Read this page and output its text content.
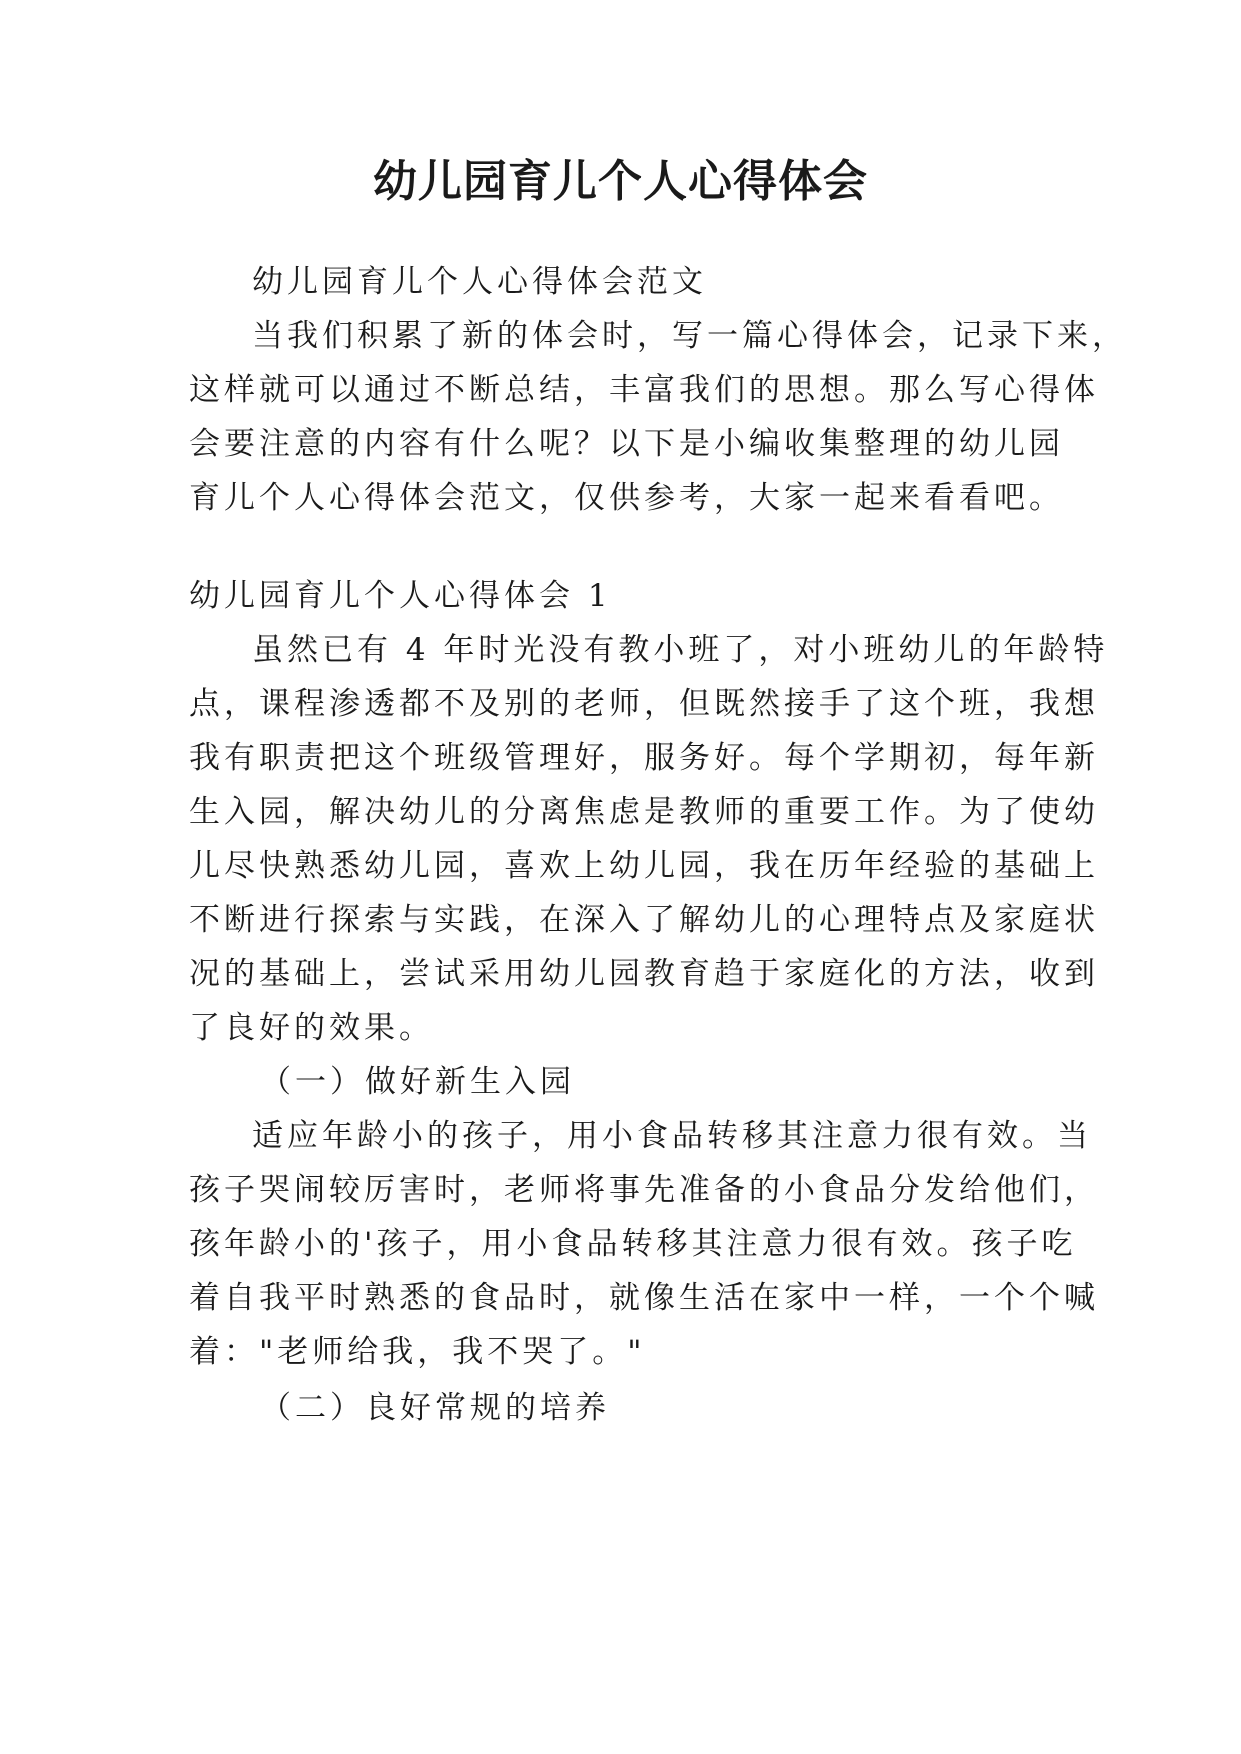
幼儿园育儿个人心得体会
幼儿园育儿个人心得体会范文
当我们积累了新的体会时，写一篇心得体会，记录下来，
这样就可以通过不断总结，丰富我们的思想。那么写心得体
会要注意的内容有什么呢？以下是小编收集整理的幼儿园
育儿个人心得体会范文，仅供参考，大家一起来看看吧。
幼儿园育儿个人心得体会 1
虽然已有 4 年时光没有教小班了，对小班幼儿的年龄特
点，课程渗透都不及别的老师，但既然接手了这个班，我想
我有职责把这个班级管理好，服务好。每个学期初，每年新
生入园，解决幼儿的分离焦虑是教师的重要工作。为了使幼
儿尽快熟悉幼儿园，喜欢上幼儿园，我在历年经验的基础上
不断进行探索与实践，在深入了解幼儿的心理特点及家庭状
况的基础上，尝试采用幼儿园教育趋于家庭化的方法，收到
了良好的效果。
（一）做好新生入园
适应年龄小的孩子，用小食品转移其注意力很有效。当
孩子哭闹较厉害时，老师将事先准备的小食品分发给他们，
孩年龄小的'孩子，用小食品转移其注意力很有效。孩子吃
着自我平时熟悉的食品时，就像生活在家中一样，一个个喊
着："老师给我，我不哭了。"
（二）良好常规的培养
